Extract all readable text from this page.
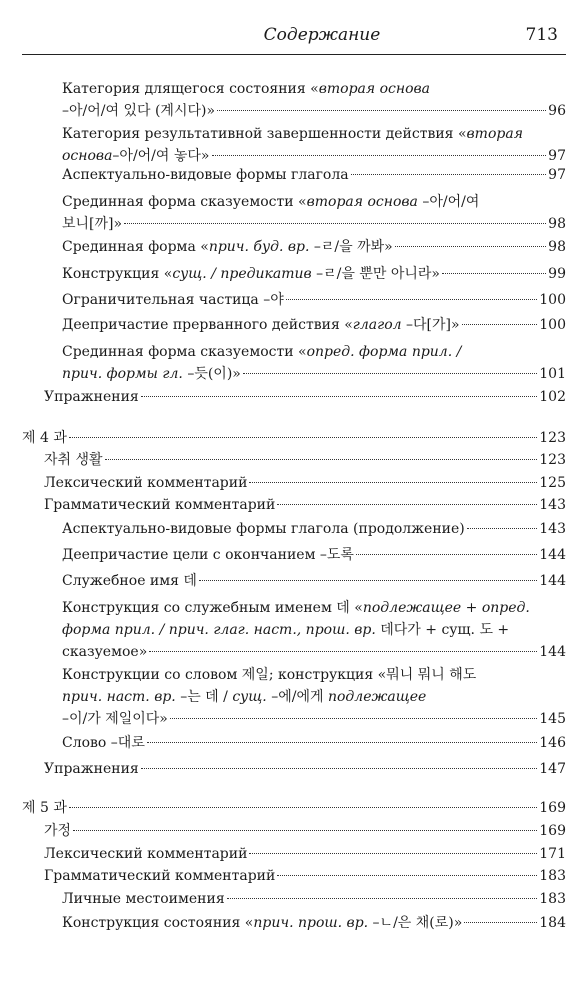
Содержание	713
Категория длящегося состояния «вторая основа
–아/어/여 있다 (계시다)»	96
Категория результативной завершенности действия «вторая
основа–아/어/여 놓다»	97
Аспектуально-видовые формы глагола	97
Срединная форма сказуемости «вторая основа –아/어/여
보니[까]»	98
Срединная форма «прич. буд. вр. –ㄹ/을 까봐»	98
Конструкция «сущ. / предикатив –ㄹ/을 뿐만 아니라»	99
Ограничительная частица –야	100
Деепричастие прерванного действия «глагол –다[가]»	100
Срединная форма сказуемости «опред. форма прил. /
прич. формы гл. –듯(이)»	101
Упражнения	102
제 4 과	123
자취 생활	123
Лексический комментарий	125
Грамматический комментарий	143
Аспектуально-видовые формы глагола (продолжение)	143
Деепричастие цели с окончанием –도록	144
Служебное имя 데	144
Конструкция со служебным именем 데 «подлежащее + опред.
форма прил. / прич. глаг. наст., прош. вр. 데다가 + сущ. 도 +
сказуемое»	144
Конструкции со словом 제일; конструкция «뭐니 뭐니 해도
прич. наст. вр. –는 데 / сущ. –에/에게 подлежащее
–이/가 제일이다»	145
Слово –대로	146
Упражнения	147
제 5 과	169
가정	169
Лексический комментарий	171
Грамматический комментарий	183
Личные местоимения	183
Конструкция состояния «прич. прош. вр. –ㄴ/은 채(로)»	184
